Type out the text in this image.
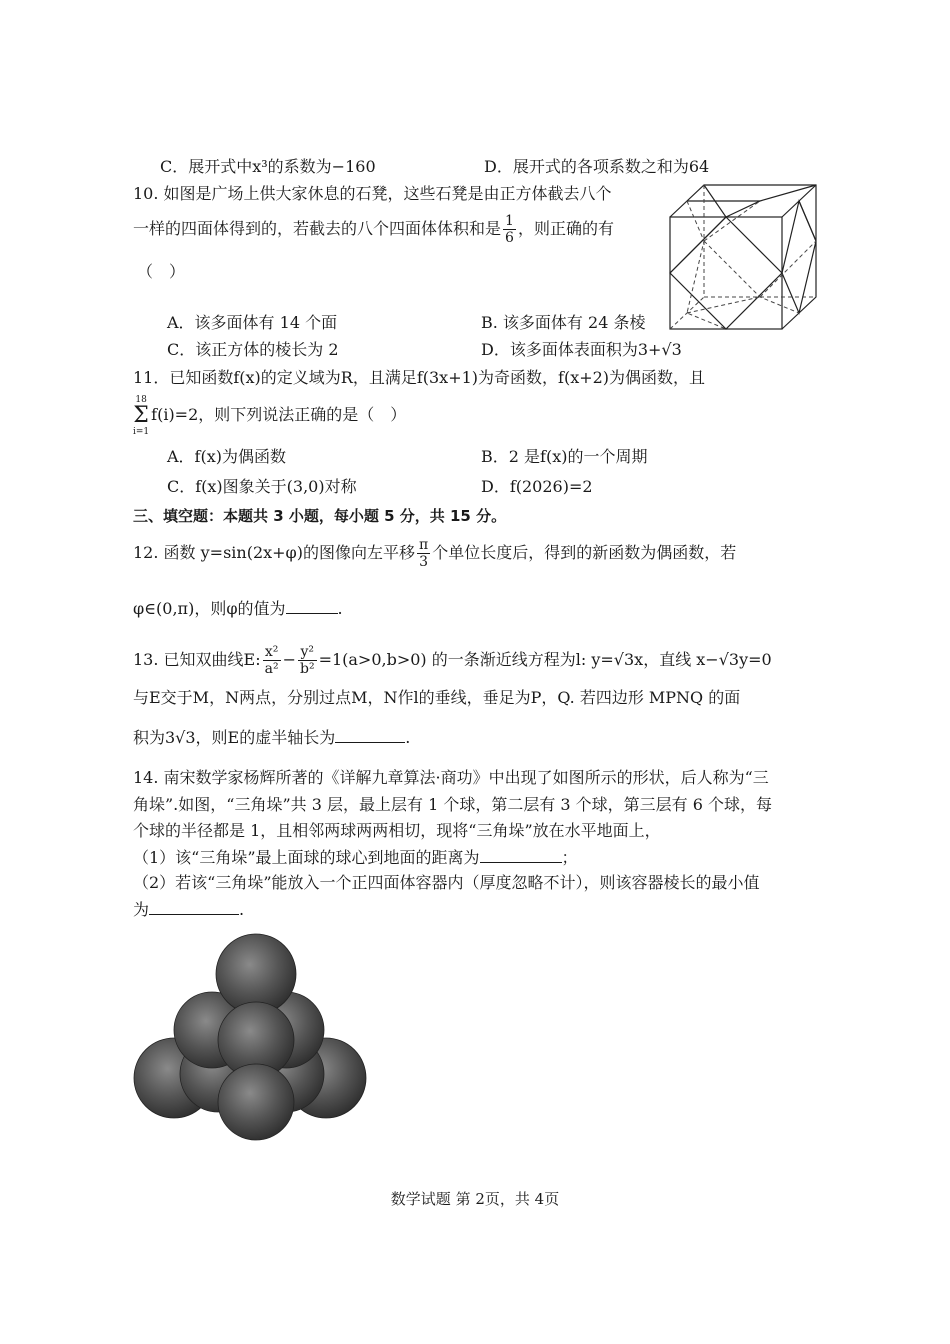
C．展开式中x³的系数为−160	D．展开式的各项系数之和为64
10. 如图是广场上供大家休息的石凳，这些石凳是由正方体截去八个
一样的四面体得到的，若截去的八个四面体体积和是 $\frac{1}{6}$ ，则正确的有
（　）
A．该多面体有 14 个面	B. 该多面体有 24 条棱
C．该正方体的棱长为 2	D．该多面体表面积为3+√3
11．已知函数f(x)的定义域为R，且满足f(3x+1)为奇函数，f(x+2)为偶函数，且
18
Σ
i=1f(i)=2，则下列说法正确的是（　）
A．f(x)为偶函数	B．2 是f(x)的一个周期
C．f(x)图象关于(3,0)对称	D．f(2026)=2
三、填空题：本题共 3 小题，每小题 5 分，共 15 分。
12. 函数 y=sin(2x+φ)的图像向左平移 $\frac{\pi}{3}$ 个单位长度后，得到的新函数为偶函数，若
φ∈(0,π)，则φ的值为	.
13. 已知双曲线E: $\frac{\text{x²}}{\text{a²}} - \frac{\text{y²}}{\text{b²}} =1(a>0,b>0)$ 的一条渐近线方程为l: y=√3x，直线 x−√3y=0
与E交于M，N两点，分别过点M，N作l的垂线，垂足为P，Q. 若四边形 MPNQ 的面
积为3√3，则E的虚半轴长为	.
14. 南宋数学家杨辉所著的《详解九章算法·商功》中出现了如图所示的形状，后人称为“三
角垛”.如图，“三角垛”共 3 层，最上层有 1 个球，第二层有 3 个球，第三层有 6 个球，每
个球的半径都是 1，且相邻两球两两相切，现将“三角垛”放在水平地面上，
（1）该“三角垛”最上面球的球心到地面的距离为	；
（2）若该“三角垛”能放入一个正四面体容器内（厚度忽略不计），则该容器棱长的最小值
为	.
数学试题 第 2页，共 4页
